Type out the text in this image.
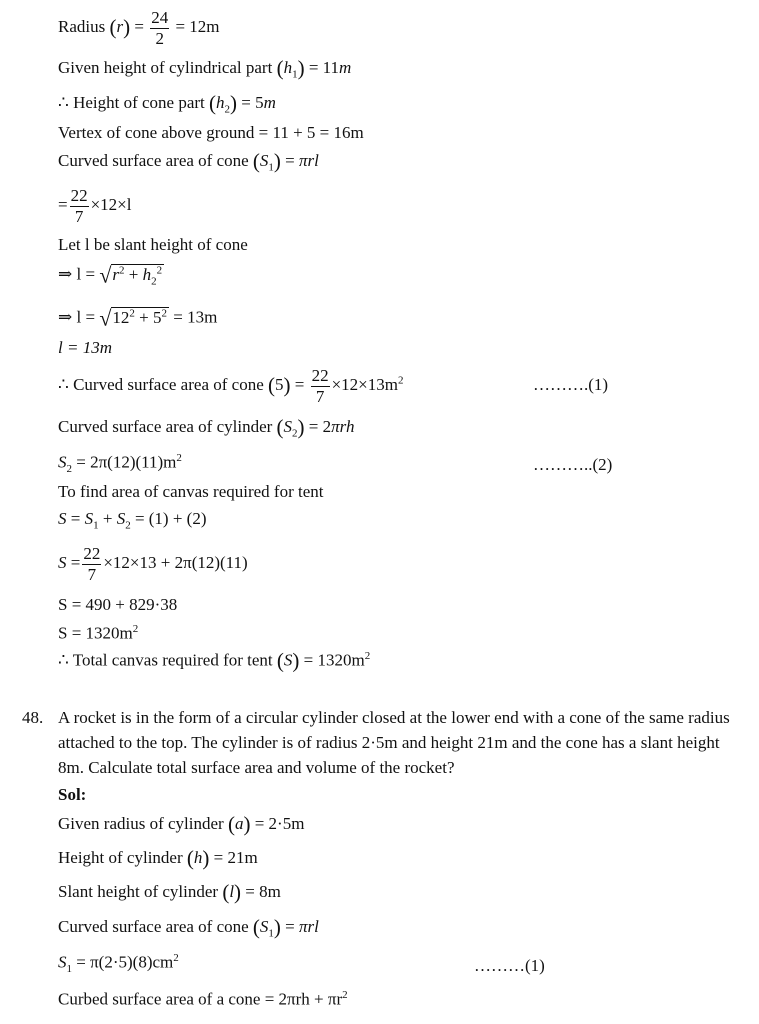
Radius $(r) = \frac{24}{2} = 12m$
Given height of cylindrical part $(h_1) = 11m$
∴ Height of cone part $(h_2) = 5m$
Vertex of cone above ground = 11 + 5 = 16m
Curved surface area of cone $(S_1) = \pi rl$
= $\frac{22}{7} \times 12\times l$
Let l be slant height of cone
⇒ $l = √r^2 + h_2^2$
⇒ $l = √12^2 + 5^2 = 13m$
l = 13m
∴ Curved surface area of cone $(5) = \frac{22}{7} \times 12\times 13m^2$	……….(1)
Curved surface area of cylinder $(S_2) = 2\pi rh$
$S_2 = 2\pi(12)(11)m^2$	………..(2)
To find area of canvas required for tent
$S = S_1 + S_2 = (1) + (2)$
$S = \frac{22}{7} \times 12\times 13 + 2\pi(12)(11)$
S = 490 + 829·38
$S = 1320m^2$
∴ Total canvas required for tent $(S) = 1320m^2$
48. A rocket is in the form of a circular cylinder closed at the lower end with a cone of the same radius attached to the top. The cylinder is of radius 2·5m and height 21m and the cone has a slant height 8m. Calculate total surface area and volume of the rocket?
Sol:
Given radius of cylinder (a) = 2·5m
Height of cylinder (h) = 21m
Slant height of cylinder (l) = 8m
Curved surface area of cone $(S_1) = \pi rl$
$S_1 = \pi(2\cdot 5)(8)cm^2$	………(1)
Curbed surface area of a cone = $2\pi rh + \pi r^2$
